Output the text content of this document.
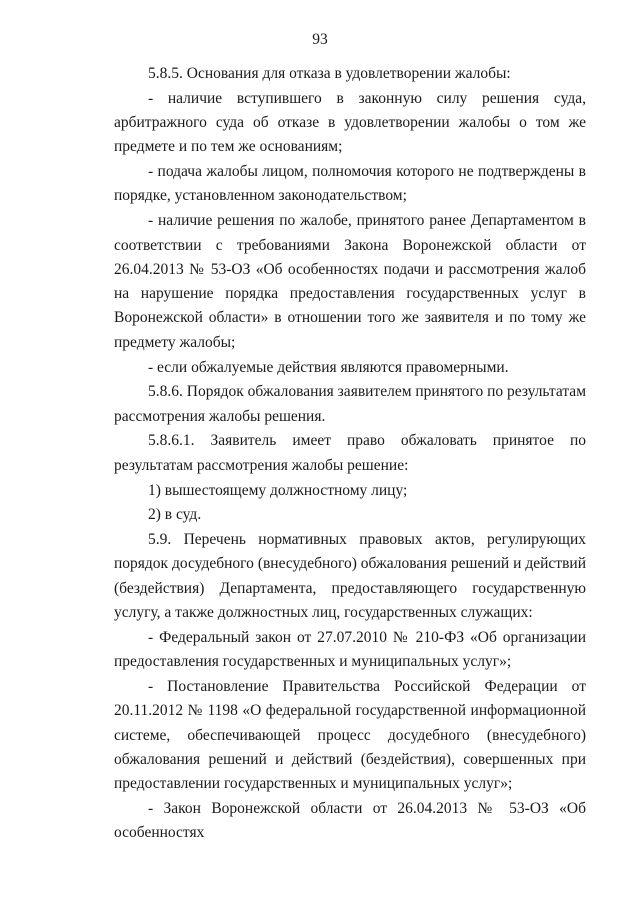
93

5.8.5. Основания для отказа в удовлетворении жалобы:

- наличие вступившего в законную силу решения суда, арбитражного суда об отказе в удовлетворении жалобы о том же предмете и по тем же основаниям;

- подача жалобы лицом, полномочия которого не подтверждены в порядке, установленном законодательством;

- наличие решения по жалобе, принятого ранее Департаментом в соответствии с требованиями Закона Воронежской области от 26.04.2013 № 53-ОЗ «Об особенностях подачи и рассмотрения жалоб на нарушение порядка предоставления государственных услуг в Воронежской области» в отношении того же заявителя и по тому же предмету жалобы;

- если обжалуемые действия являются правомерными.

5.8.6. Порядок обжалования заявителем принятого по результатам рассмотрения жалобы решения.

5.8.6.1. Заявитель имеет право обжаловать принятое по результатам рассмотрения жалобы решение:

1) вышестоящему должностному лицу;

2) в суд.

5.9. Перечень нормативных правовых актов, регулирующих порядок досудебного (внесудебного) обжалования решений и действий (бездействия) Департамента, предоставляющего государственную услугу, а также должностных лиц, государственных служащих:

- Федеральный закон от 27.07.2010 № 210-ФЗ «Об организации предоставления государственных и муниципальных услуг»;

- Постановление Правительства Российской Федерации от 20.11.2012 № 1198 «О федеральной государственной информационной системе, обеспечивающей процесс досудебного (внесудебного) обжалования решений и действий (бездействия), совершенных при предоставлении государственных и муниципальных услуг»;

- Закон Воронежской области от 26.04.2013 № 53-ОЗ «Об особенностях
